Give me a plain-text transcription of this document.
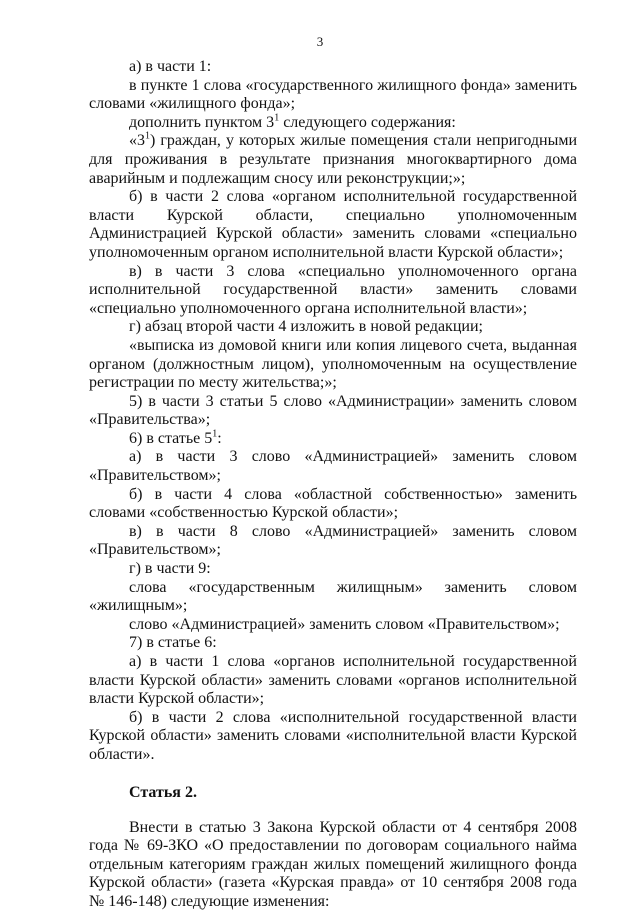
3

а) в части 1:

в пункте 1 слова «государственного жилищного фонда» заменить словами «жилищного фонда»;

дополнить пунктом $3^1$ следующего содержания:

«$3^1$) граждан, у которых жилые помещения стали непригодными для проживания в результате признания многоквартирного дома аварийным и подлежащим сносу или реконструкции;»;

б) в части 2 слова «органом исполнительной государственной власти Курской области, специально уполномоченным Администрацией Курской области» заменить словами «специально уполномоченным органом исполнительной власти Курской области»;

в) в части 3 слова «специально уполномоченного органа исполнительной государственной власти» заменить словами «специально уполномоченного органа исполнительной власти»;

г) абзац второй части 4 изложить в новой редакции;

«выписка из домовой книги или копия лицевого счета, выданная органом (должностным лицом), уполномоченным на осуществление регистрации по месту жительства;»;

5) в части 3 статьи 5 слово «Администрации» заменить словом «Правительства»;

6) в статье $5^1$:

а) в части 3 слово «Администрацией» заменить словом «Правительством»;

б) в части 4 слова «областной собственностью» заменить словами «собственностью Курской области»;

в) в части 8 слово «Администрацией» заменить словом «Правительством»;

г) в части 9:

слова «государственным жилищным» заменить словом «жилищным»;

слово «Администрацией» заменить словом «Правительством»;

7) в статье 6:

а) в части 1 слова «органов исполнительной государственной власти Курской области» заменить словами «органов исполнительной власти Курской области»;

б) в части 2 слова «исполнительной государственной власти Курской области» заменить словами «исполнительной власти Курской области».

Статья 2.

Внести в статью 3 Закона Курской области от 4 сентября 2008 года № 69-ЗКО «О предоставлении по договорам социального найма отдельным категориям граждан жилых помещений жилищного фонда Курской области» (газета «Курская правда» от 10 сентября 2008 года № 146-148) следующие изменения:
